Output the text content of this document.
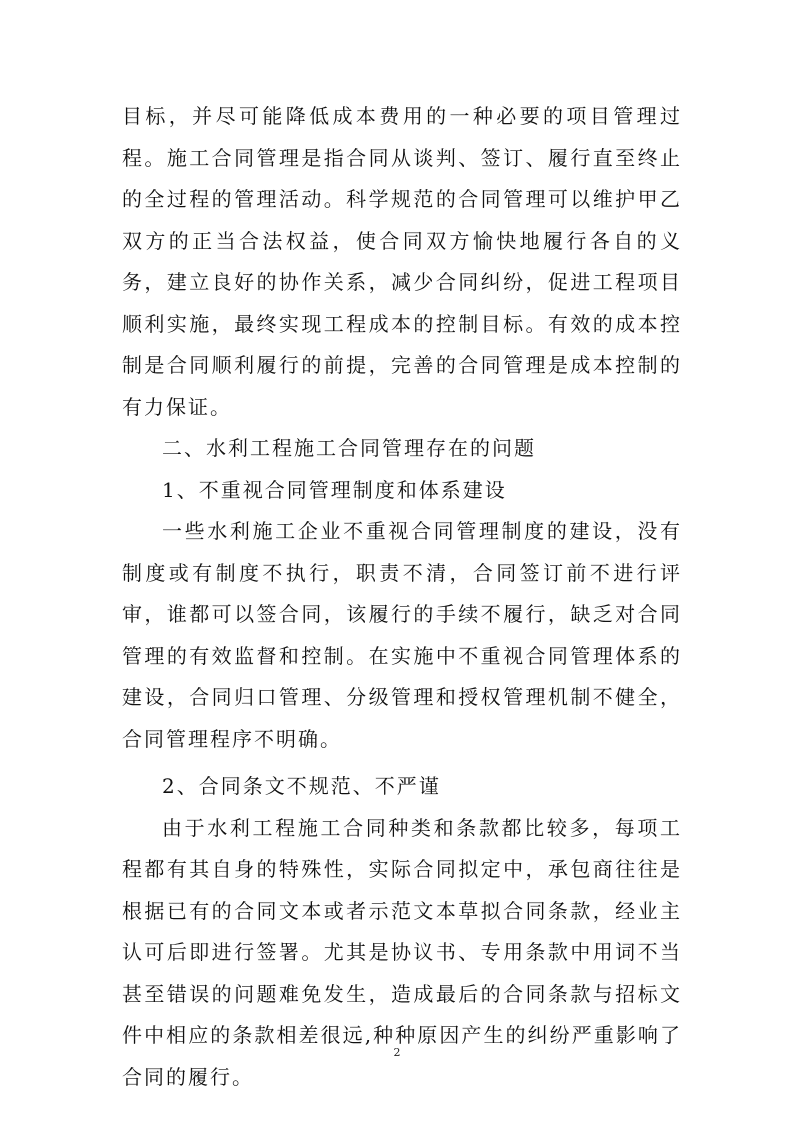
目标，并尽可能降低成本费用的一种必要的项目管理过程。施工合同管理是指合同从谈判、签订、履行直至终止的全过程的管理活动。科学规范的合同管理可以维护甲乙双方的正当合法权益，使合同双方愉快地履行各自的义务，建立良好的协作关系，减少合同纠纷，促进工程项目顺利实施，最终实现工程成本的控制目标。有效的成本控制是合同顺利履行的前提，完善的合同管理是成本控制的有力保证。

二、水利工程施工合同管理存在的问题

1、不重视合同管理制度和体系建设

一些水利施工企业不重视合同管理制度的建设，没有制度或有制度不执行，职责不清，合同签订前不进行评审，谁都可以签合同，该履行的手续不履行，缺乏对合同管理的有效监督和控制。在实施中不重视合同管理体系的建设，合同归口管理、分级管理和授权管理机制不健全，合同管理程序不明确。

2、合同条文不规范、不严谨

由于水利工程施工合同种类和条款都比较多，每项工程都有其自身的特殊性，实际合同拟定中，承包商往往是根据已有的合同文本或者示范文本草拟合同条款，经业主认可后即进行签署。尤其是协议书、专用条款中用词不当甚至错误的问题难免发生，造成最后的合同条款与招标文件中相应的条款相差很远,种种原因产生的纠纷严重影响了合同的履行。

2
